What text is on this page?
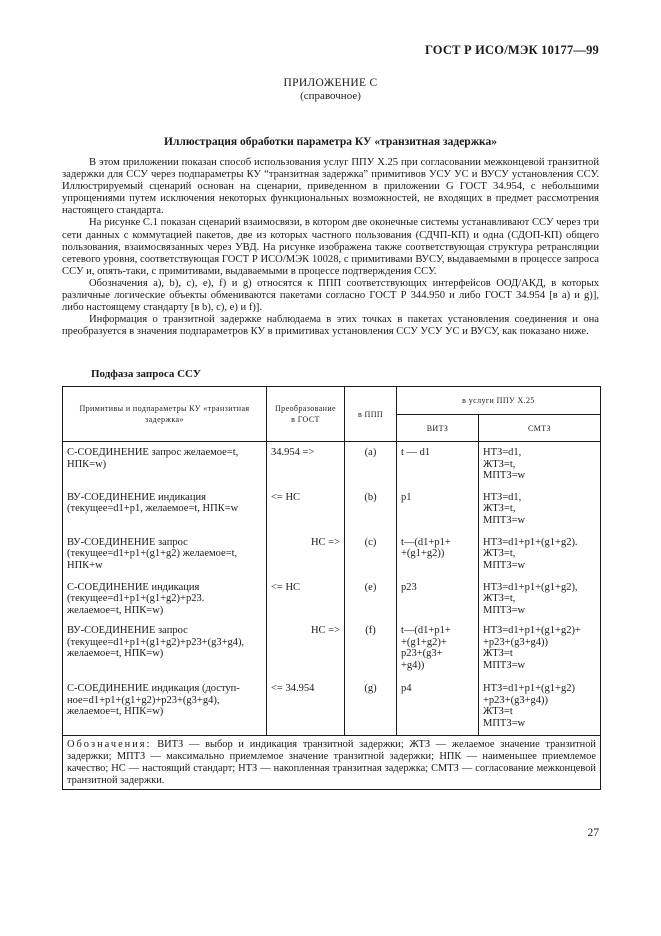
ГОСТ Р ИСО/МЭК 10177—99
ПРИЛОЖЕНИЕ С
(справочное)
Иллюстрация обработки параметра КУ «транзитная задержка»

В этом приложении показан способ использования услуг ППУ Х.25 при согласовании межконцевой транзитной задержки для ССУ через подпараметры КУ “транзитная задержка” примитивов УСУ УС и ВУСУ установления ССУ. Иллюстрируемый сценарий основан на сценарии, приведенном в приложении G ГОСТ 34.954, с небольшими упрощениями путем исключения некоторых функциональных возможностей, не входящих в предмет рассмотрения настоящего стандарта.

На рисунке С.1 показан сценарий взаимосвязи, в котором две оконечные системы устанавливают ССУ через три сети данных с коммутацией пакетов, две из которых частного пользования (СДЧП-КП) и одна (СДОП-КП) общего пользования, взаимосвязанных через УВД. На рисунке изображена также соответствующая структура ретрансляции сетевого уровня, соответствующая ГОСТ Р ИСО/МЭК 10028, с примитивами ВУСУ, выдаваемыми в процессе запроса ССУ и, опять-таки, с примитивами, выдаваемыми в процессе подтверждения ССУ.

Обозначения а), b), с), е), f) и g) относятся к ППП соответствующих интерфейсов ООД/АКД, в которых различные логические объекты обмениваются пакетами согласно ГОСТ Р 344.950 и либо ГОСТ 34.954 [в а) и g)], либо настоящему стандарту [в b), с), е) и f)].

Информация о транзитной задержке наблюдаема в этих точках в пакетах установления соединения и она преобразуется в значения подпараметров КУ в примитивах установления ССУ УСУ УС и ВУСУ, как показано ниже.

Подфаза запроса ССУ
Примитивы и подпараметры КУ «транзитная задержка»	Преобразование в ГОСТ	в ППП	в услуги ППУ Х.25	
			ВИТЗ	СМТЗ

С-СОЕДИНЕНИЕ запрос желаемое=t,
НПК=w)	34.954 =>	(а)	t — d1	НТЗ=d1,
ЖТЗ=t,
МПТЗ=w

ВУ-СОЕДИНЕНИЕ индикация
(текущее=d1+p1, желаемое=t, НПК=w	<= НС	(b)	p1	НТЗ=d1,
ЖТЗ=t,
МПТЗ=w

ВУ-СОЕДИНЕНИЕ запрос
(текущее=d1+p1+(g1+g2) желаемое=t,
НПК+w	НС =>	(с)	t—(d1+p1+
+(g1+g2))	НТЗ=d1+p1+(g1+g2).
ЖТЗ=t,
МПТЗ=w

С-СОЕДИНЕНИЕ индикация
(текущее=d1+p1+(g1+g2)+p23.
желаемое=t, НПК=w)	<= НС	(е)	p23	НТЗ=d1+p1+(g1+g2),
ЖТЗ=t,
МПТЗ=w

ВУ-СОЕДИНЕНИЕ запрос
(текущее=d1+p1+(g1+g2)+p23+(g3+g4),
желаемое=t, НПК=w)	НС =>	(f)	t—(d1+p1+
+(g1+g2)+
p23+(g3+
+g4))	НТЗ=d1+p1+(g1+g2)+
+p23+(g3+g4))
ЖТЗ=t
МПТЗ=w

С-СОЕДИНЕНИЕ индикация (доступ-
ное=d1+p1+(g1+g2)+p23+(g3+g4),
желаемое=t, НПК=w)	<= 34.954	(g)	p4	НТЗ=d1+p1+(g1+g2)
+p23+(g3+g4))
ЖТЗ=t
МПТЗ=w

Обозначения: ВИТЗ — выбор и индикация транзитной задержки; ЖТЗ — желаемое значение транзитной задержки; МПТЗ — максимально приемлемое значение транзитной задержки; НПК — наименьшее приемлемое качество; НС — настоящий стандарт; НТЗ — накопленная транзитная задержка; СМТЗ — согласование межконцевой транзитной задержки.				
27
